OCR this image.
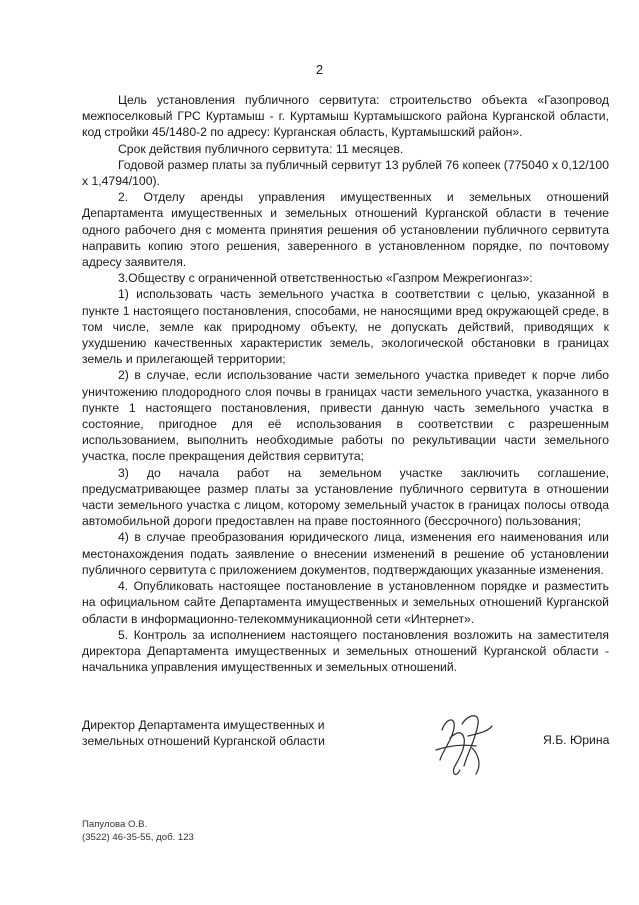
2

Цель установления публичного сервитута: строительство объекта «Газопровод межпоселковый ГРС Куртамыш - г. Куртамыш Куртамышского района Курганской области, код стройки 45/1480-2 по адресу: Курганская область, Куртамышский район».

Срок действия публичного сервитута: 11 месяцев.

Годовой размер платы за публичный сервитут 13 рублей 76 копеек (775040 х 0,12/100 х 1,4794/100).

2. Отделу аренды управления имущественных и земельных отношений Департамента имущественных и земельных отношений Курганской области в течение одного рабочего дня с момента принятия решения об установлении публичного сервитута направить копию этого решения, заверенного в установленном порядке, по почтовому адресу заявителя.

3.Обществу с ограниченной ответственностью «Газпром Межрегионгаз»:

1) использовать часть земельного участка в соответствии с целью, указанной в пункте 1 настоящего постановления, способами, не наносящими вред окружающей среде, в том числе, земле как природному объекту, не допускать действий, приводящих к ухудшению качественных характеристик земель, экологической обстановки в границах земель и прилегающей территории;

2) в случае, если использование части земельного участка приведет к порче либо уничтожению плодородного слоя почвы в границах части земельного участка, указанного в пункте 1 настоящего постановления, привести данную часть земельного участка в состояние, пригодное для её использования в соответствии с разрешенным использованием, выполнить необходимые работы по рекультивации части земельного участка, после прекращения действия сервитута;

3) до начала работ на земельном участке заключить соглашение, предусматривающее размер платы за установление публичного сервитута в отношении части земельного участка с лицом, которому земельный участок в границах полосы отвода автомобильной дороги предоставлен на праве постоянного (бессрочного) пользования;

4) в случае преобразования юридического лица, изменения его наименования или местонахождения подать заявление о внесении изменений в решение об установлении публичного сервитута с приложением документов, подтверждающих указанные изменения.

4. Опубликовать настоящее постановление в установленном порядке и разместить на официальном сайте Департамента имущественных и земельных отношений Курганской области в информационно-телекоммуникационной сети «Интернет».

5. Контроль за исполнением настоящего постановления возложить на заместителя директора Департамента имущественных и земельных отношений Курганской области - начальника управления имущественных и земельных отношений.

Директор Департамента имущественных и
земельных отношений Курганской области	Я.Б. Юрина
Папулова О.В.
(3522) 46-35-55, доб. 123
